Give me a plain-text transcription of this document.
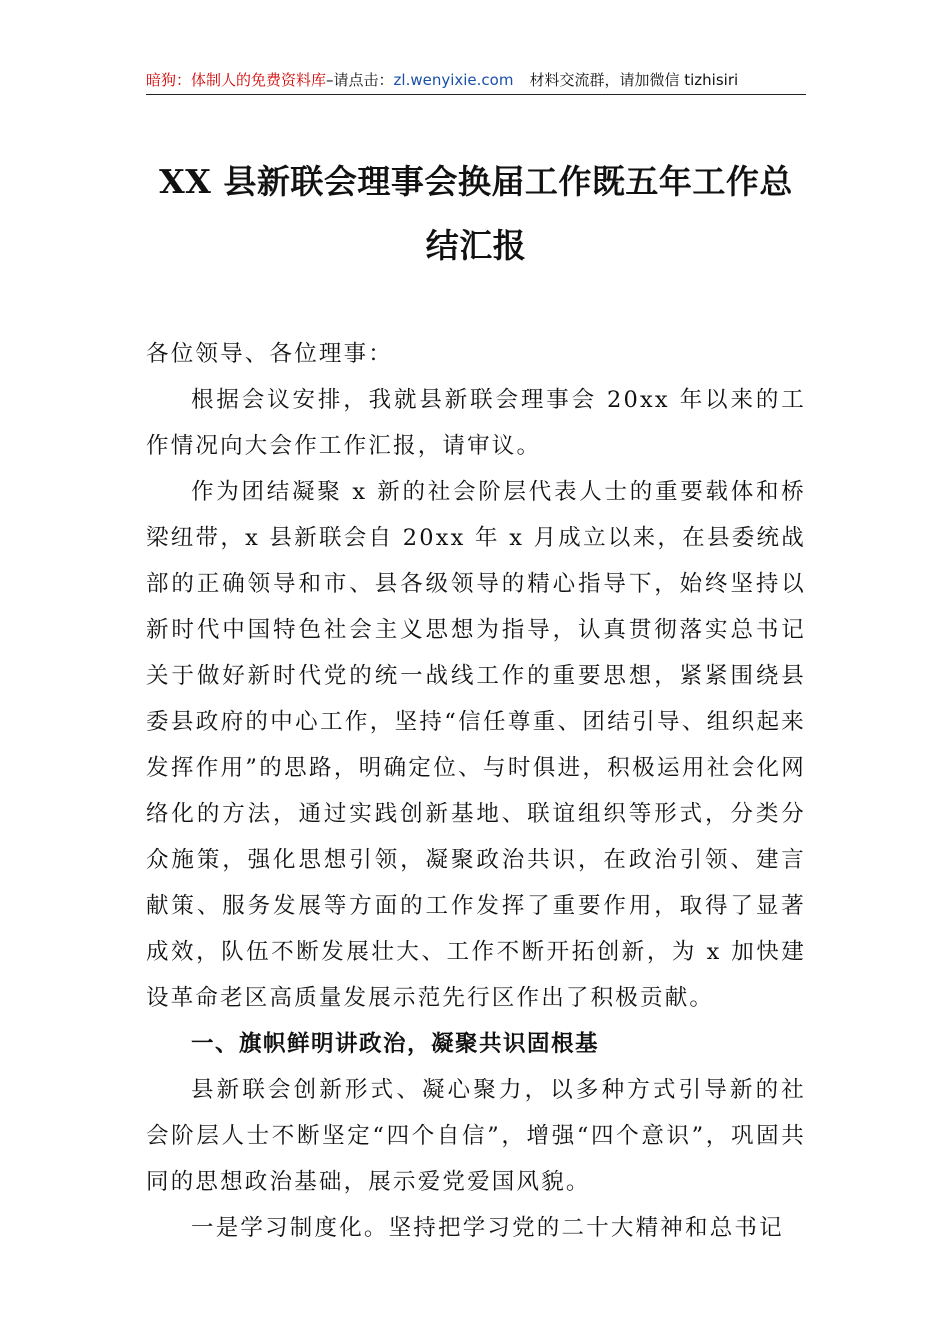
暗狗：体制人的免费资料库–请点击：zl.wenyixie.com 材料交流群，请加微信 tizhisiri
XX 县新联会理事会换届工作既五年工作总
结汇报

各位领导、各位理事：

根据会议安排，我就县新联会理事会 20xx 年以来的工作情况向大会作工作汇报，请审议。

作为团结凝聚 x 新的社会阶层代表人士的重要载体和桥梁纽带，x 县新联会自 20xx 年 x 月成立以来，在县委统战部的正确领导和市、县各级领导的精心指导下，始终坚持以新时代中国特色社会主义思想为指导，认真贯彻落实总书记关于做好新时代党的统一战线工作的重要思想，紧紧围绕县委县政府的中心工作，坚持“信任尊重、团结引导、组织起来发挥作用”的思路，明确定位、与时俱进，积极运用社会化网络化的方法，通过实践创新基地、联谊组织等形式，分类分众施策，强化思想引领，凝聚政治共识，在政治引领、建言献策、服务发展等方面的工作发挥了重要作用，取得了显著成效，队伍不断发展壮大、工作不断开拓创新，为 x 加快建设革命老区高质量发展示范先行区作出了积极贡献。

一、旗帜鲜明讲政治，凝聚共识固根基

县新联会创新形式、凝心聚力，以多种方式引导新的社会阶层人士不断坚定“四个自信”，增强“四个意识”，巩固共同的思想政治基础，展示爱党爱国风貌。

一是学习制度化。坚持把学习党的二十大精神和总书记
